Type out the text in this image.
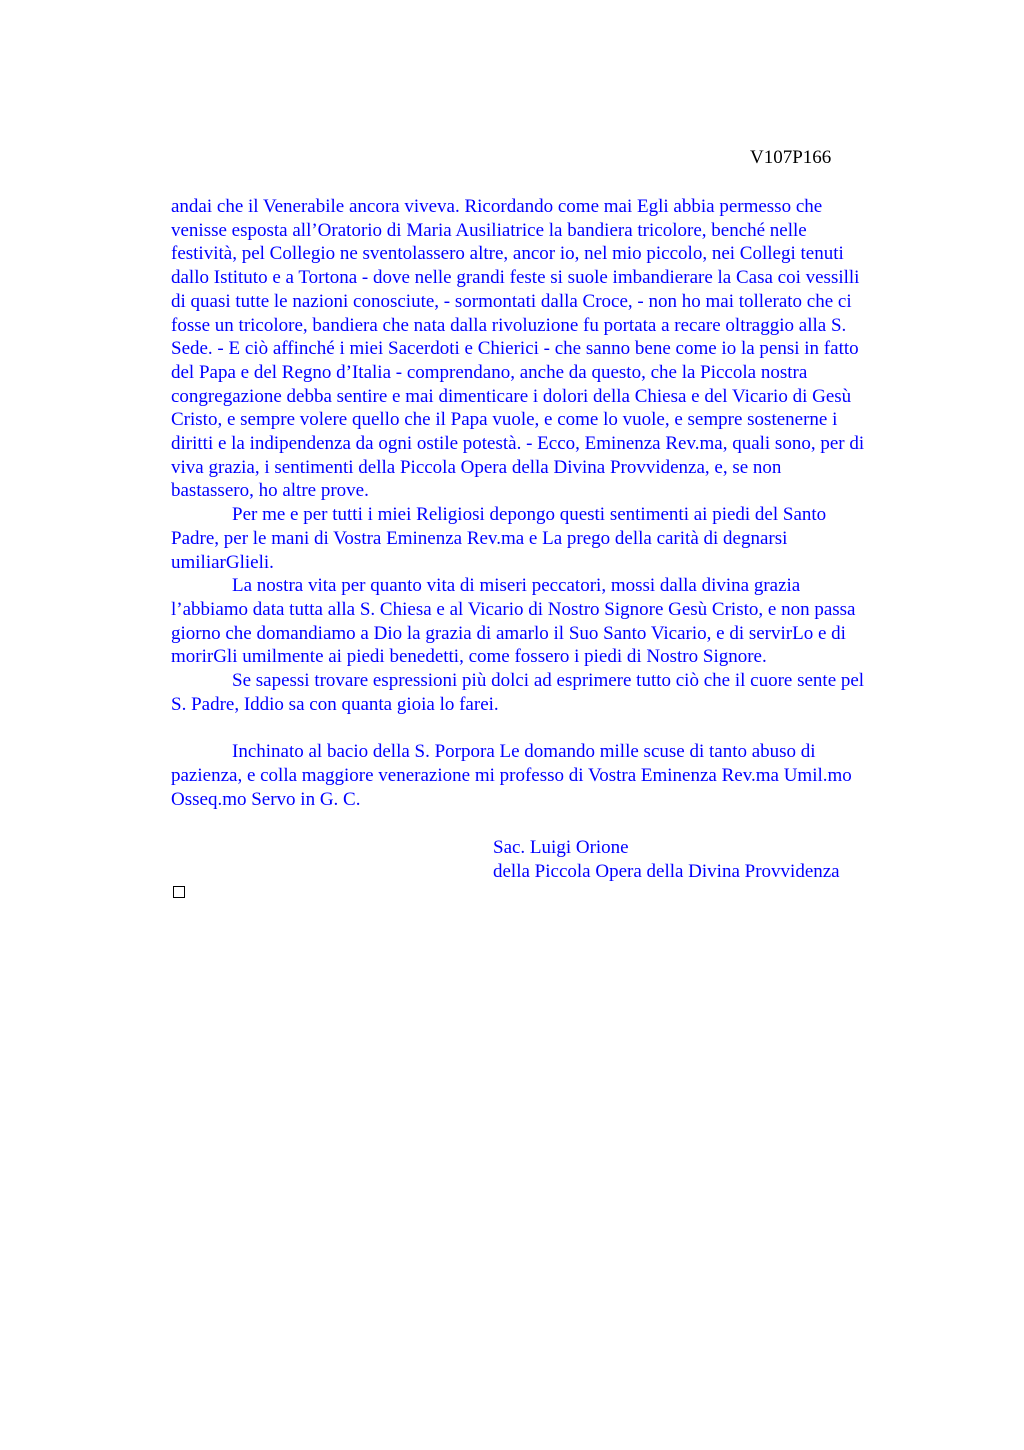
V107P166

andai che il Venerabile ancora viveva. Ricordando come mai Egli abbia permesso che

venisse esposta all’Oratorio di Maria Ausiliatrice la bandiera tricolore, benché nelle

festività, pel Collegio ne sventolassero altre, ancor io, nel mio piccolo, nei Collegi tenuti

dallo Istituto e a Tortona - dove nelle grandi feste si suole imbandierare la Casa coi vessilli

di quasi tutte le nazioni conosciute, - sormontati dalla Croce, - non ho mai tollerato che ci

fosse un tricolore, bandiera che nata dalla rivoluzione fu portata a recare oltraggio alla S.

Sede. - E ciò affinché i miei Sacerdoti e Chierici - che sanno bene come io la pensi in fatto

del Papa e del Regno d’Italia - comprendano, anche da questo, che la Piccola nostra

congregazione debba sentire e mai dimenticare i dolori della Chiesa e del Vicario di Gesù

Cristo, e sempre volere quello che il Papa vuole, e come lo vuole, e sempre sostenerne i

diritti e la indipendenza da ogni ostile potestà. - Ecco, Eminenza Rev.ma, quali sono, per di

viva grazia, i sentimenti della Piccola Opera della Divina Provvidenza, e, se non

bastassero, ho altre prove.

Per me e per tutti i miei Religiosi depongo questi sentimenti ai piedi del Santo

Padre, per le mani di Vostra Eminenza Rev.ma e La prego della carità di degnarsi

umiliarGlieli.

La nostra vita per quanto vita di miseri peccatori, mossi dalla divina grazia

l’abbiamo data tutta alla S. Chiesa e al Vicario di Nostro Signore Gesù Cristo, e non passa

giorno che domandiamo a Dio la grazia di amarlo il Suo Santo Vicario, e di servirLo e di

morirGli umilmente ai piedi benedetti, come fossero i piedi di Nostro Signore.

Se sapessi trovare espressioni più dolci ad esprimere tutto ciò che il cuore sente pel

S. Padre, Iddio sa con quanta gioia lo farei.

Inchinato al bacio della S. Porpora Le domando mille scuse di tanto abuso di

pazienza, e colla maggiore venerazione mi professo di Vostra Eminenza Rev.ma Umil.mo

Osseq.mo Servo in G. C.

Sac. Luigi Orione
della Piccola Opera della Divina Provvidenza
